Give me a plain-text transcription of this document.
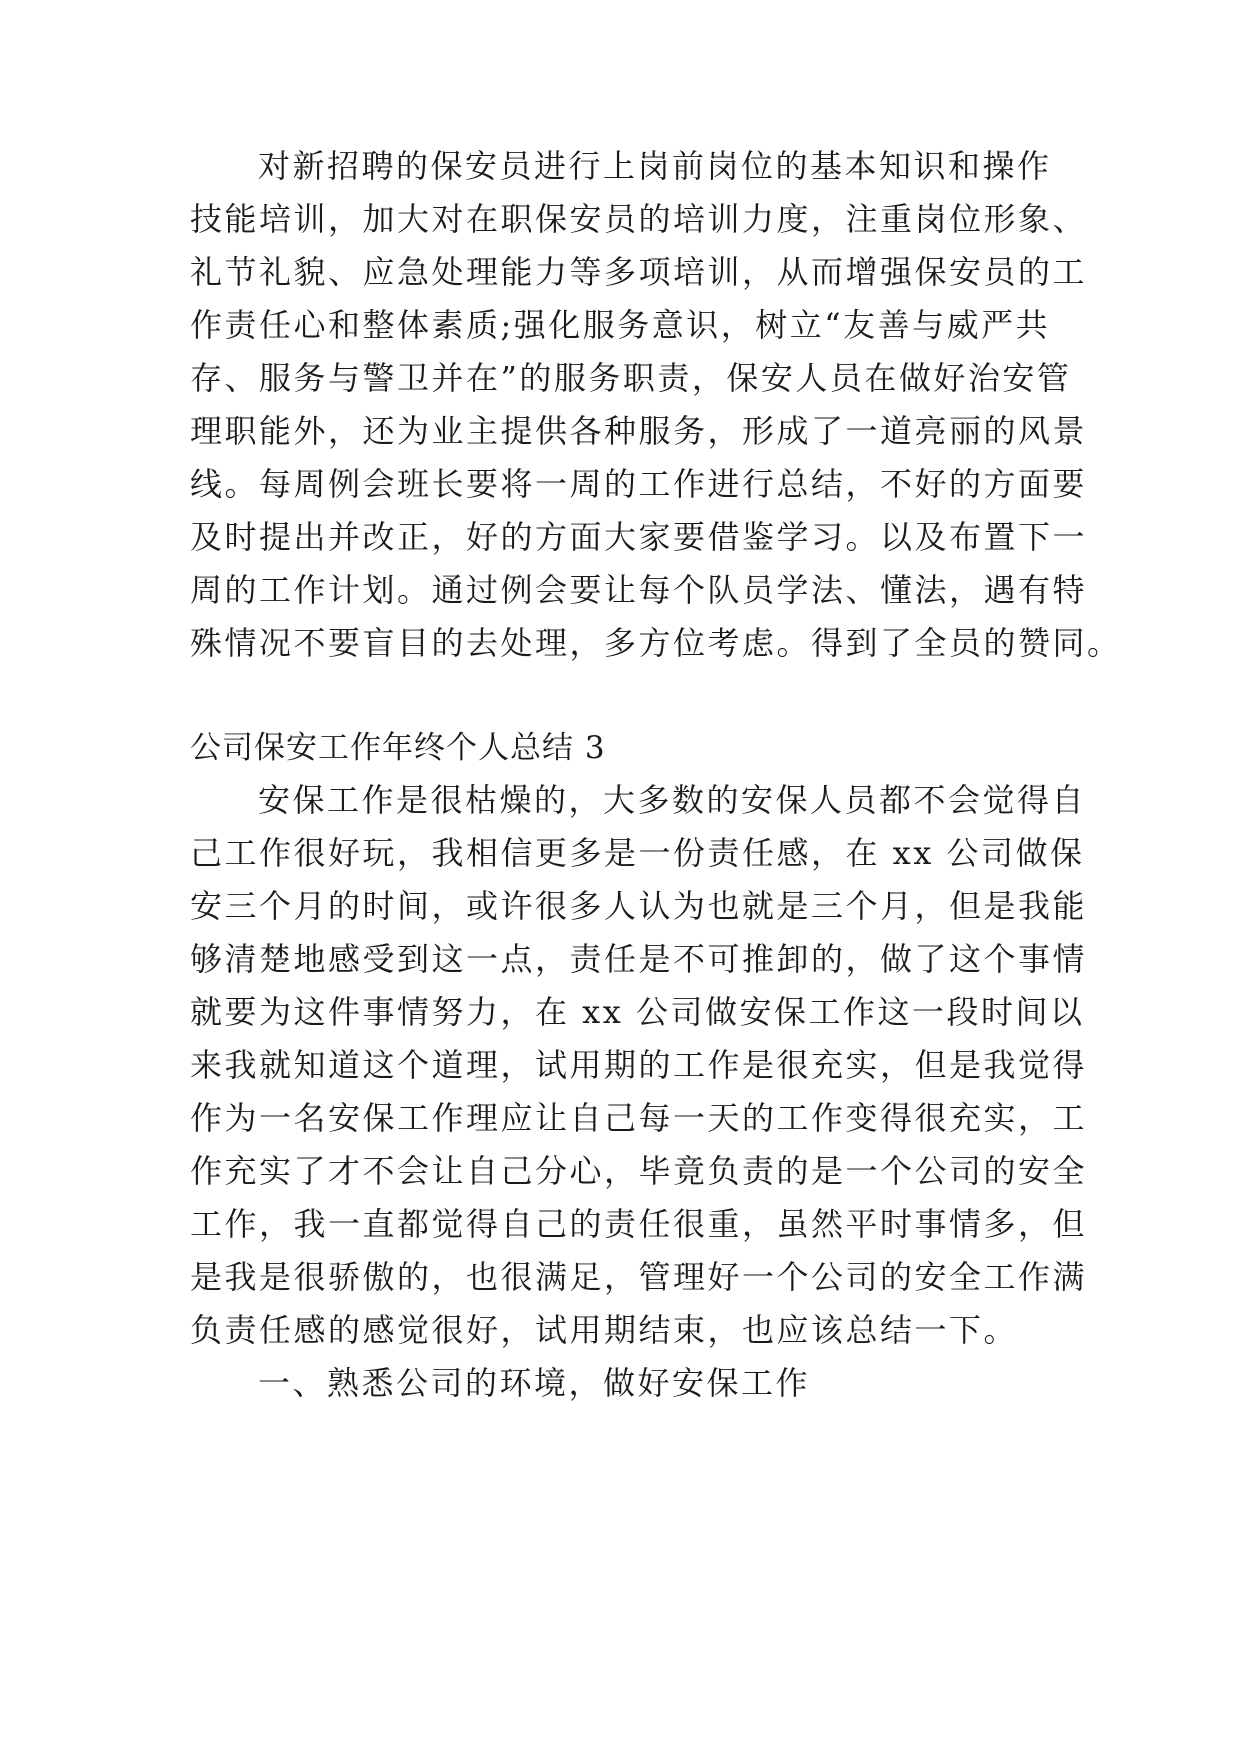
对新招聘的保安员进行上岗前岗位的基本知识和操作
技能培训，加大对在职保安员的培训力度，注重岗位形象、
礼节礼貌、应急处理能力等多项培训，从而增强保安员的工
作责任心和整体素质;强化服务意识，树立“友善与威严共
存、服务与警卫并在”的服务职责，保安人员在做好治安管
理职能外，还为业主提供各种服务，形成了一道亮丽的风景
线。每周例会班长要将一周的工作进行总结，不好的方面要
及时提出并改正，好的方面大家要借鉴学习。以及布置下一
周的工作计划。通过例会要让每个队员学法、懂法，遇有特
殊情况不要盲目的去处理，多方位考虑。得到了全员的赞同。
公司保安工作年终个人总结 3
安保工作是很枯燥的，大多数的安保人员都不会觉得自
己工作很好玩，我相信更多是一份责任感，在 xx 公司做保
安三个月的时间，或许很多人认为也就是三个月，但是我能
够清楚地感受到这一点，责任是不可推卸的，做了这个事情
就要为这件事情努力，在 xx 公司做安保工作这一段时间以
来我就知道这个道理，试用期的工作是很充实，但是我觉得
作为一名安保工作理应让自己每一天的工作变得很充实，工
作充实了才不会让自己分心，毕竟负责的是一个公司的安全
工作，我一直都觉得自己的责任很重，虽然平时事情多，但
是我是很骄傲的，也很满足，管理好一个公司的安全工作满
负责任感的感觉很好，试用期结束，也应该总结一下。
一、熟悉公司的环境，做好安保工作
